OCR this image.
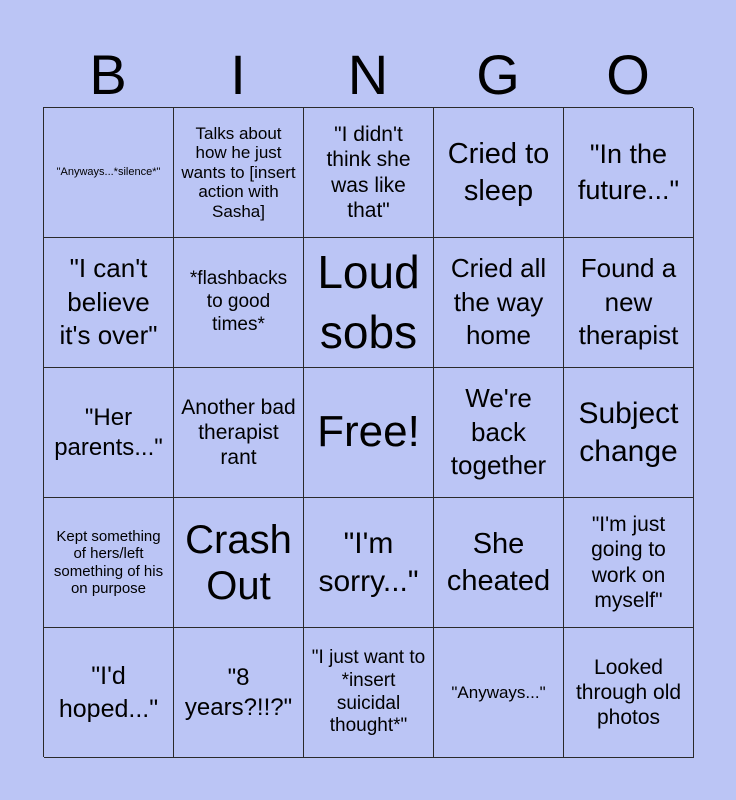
B	I	N	G	O
"Anyways...*silence*"
Talks about how he just wants to [insert action with Sasha]
"I didn't think she was like that"
Cried to sleep
"In the future..."
"I can't believe it's over"
*flashbacks to good times*
Loud sobs
Cried all the way home
Found a new therapist
"Her parents..."
Another bad therapist rant
Free!
We're back together
Subject change
Kept something of hers/left something of his on purpose
Crash Out
"I'm sorry..."
She cheated
"I'm just going to work on myself"
"I'd hoped..."
"8 years?!!?"
"I just want to *insert suicidal thought*"
"Anyways..."
Looked through old photos
